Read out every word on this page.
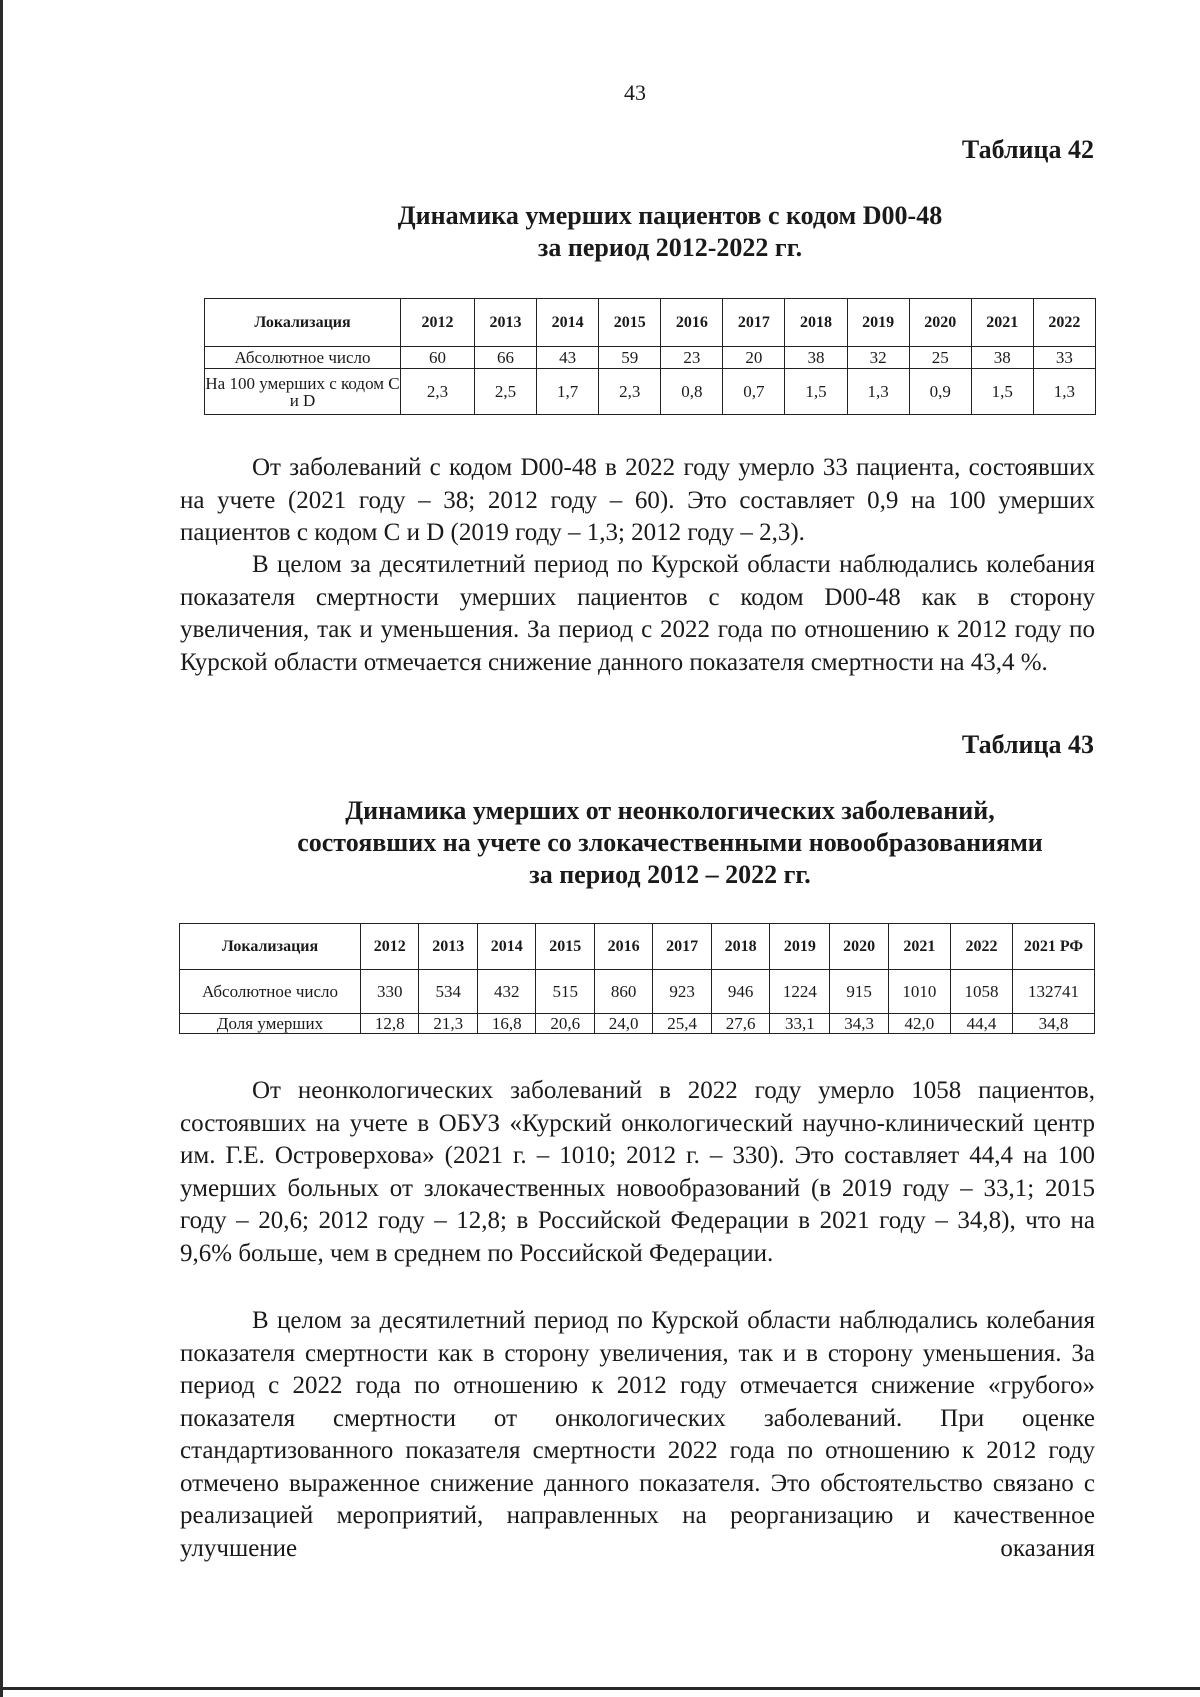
43
Таблица 42
Динамика умерших пациентов с кодом D00-48
за период 2012-2022 гг.
Локализация	2012	2013	2014	2015	2016	2017	2018	2019	2020	2021	2022
Абсолютное число	60	66	43	59	23	20	38	32	25	38	33
На 100 умерших с кодом С и D	2,3	2,5	1,7	2,3	0,8	0,7	1,5	1,3	0,9	1,5	1,3

От заболеваний с кодом D00-48 в 2022 году умерло 33 пациента, состоявших на учете (2021 году – 38; 2012 году – 60). Это составляет 0,9 на 100 умерших пациентов с кодом С и D (2019 году – 1,3; 2012 году – 2,3).

В целом за десятилетний период по Курской области наблюдались колебания показателя смертности умерших пациентов с кодом D00-48 как в сторону увеличения, так и уменьшения. За период с 2022 года по отношению к 2012 году по Курской области отмечается снижение данного показателя смертности на 43,4 %.

Таблица 43
Динамика умерших от неонкологических заболеваний,
состоявших на учете со злокачественными новообразованиями
за период 2012 – 2022 гг.
Локализация	2012	2013	2014	2015	2016	2017	2018	2019	2020	2021	2022	2021 РФ
Абсолютное число	330	534	432	515	860	923	946	1224	915	1010	1058	132741
Доля умерших	12,8	21,3	16,8	20,6	24,0	25,4	27,6	33,1	34,3	42,0	44,4	34,8

От неонкологических заболеваний в 2022 году умерло 1058 пациентов, состоявших на учете в ОБУЗ «Курский онкологический научно-клинический центр им. Г.Е. Островерхова» (2021 г. – 1010; 2012 г. – 330). Это составляет 44,4 на 100 умерших больных от злокачественных новообразований (в 2019 году – 33,1; 2015 году – 20,6; 2012 году – 12,8; в Российской Федерации в 2021 году – 34,8), что на 9,6% больше, чем в среднем по Российской Федерации.

В целом за десятилетний период по Курской области наблюдались колебания показателя смертности как в сторону увеличения, так и в сторону уменьшения. За период с 2022 года по отношению к 2012 году отмечается снижение «грубого» показателя смертности от онкологических заболеваний. При оценке стандартизованного показателя смертности 2022 года по отношению к 2012 году отмечено выраженное снижение данного показателя. Это обстоятельство связано с реализацией мероприятий, направленных на реорганизацию и качественное улучшение оказания
